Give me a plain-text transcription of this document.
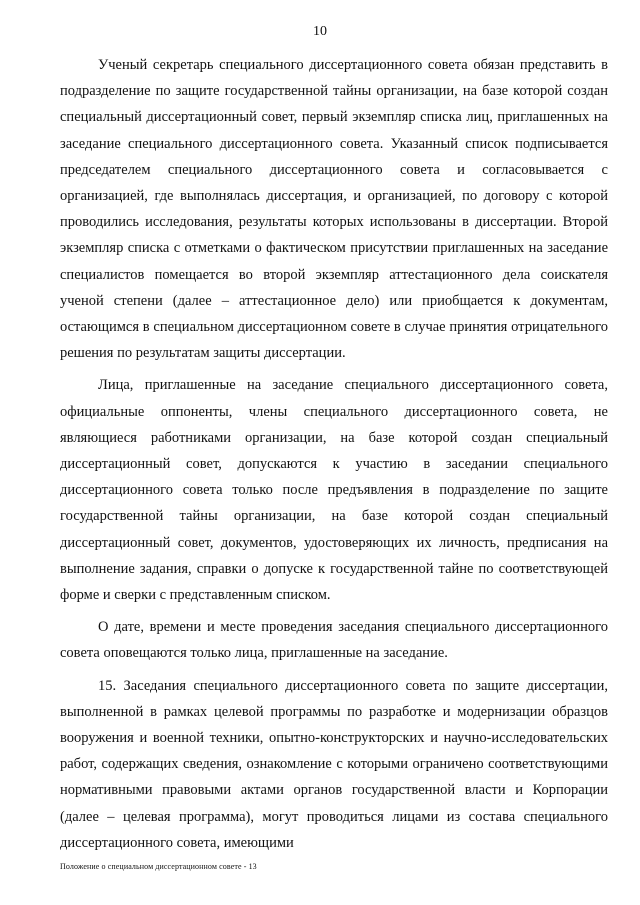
10

Ученый секретарь специального диссертационного совета обязан представить в подразделение по защите государственной тайны организации, на базе которой создан специальный диссертационный совет, первый экземпляр списка лиц, приглашенных на заседание специального диссертационного совета. Указанный список подписывается председателем специального диссертационного совета и согласовывается с организацией, где выполнялась диссертация, и организацией, по договору с которой проводились исследования, результаты которых использованы в диссертации. Второй экземпляр списка с отметками о фактическом присутствии приглашенных на заседание специалистов помещается во второй экземпляр аттестационного дела соискателя ученой степени (далее – аттестационное дело) или приобщается к документам, остающимся в специальном диссертационном совете в случае принятия отрицательного решения по результатам защиты диссертации.

Лица, приглашенные на заседание специального диссертационного совета, официальные оппоненты, члены специального диссертационного совета, не являющиеся работниками организации, на базе которой создан специальный диссертационный совет, допускаются к участию в заседании специального диссертационного совета только после предъявления в подразделение по защите государственной тайны организации, на базе которой создан специальный диссертационный совет, документов, удостоверяющих их личность, предписания на выполнение задания, справки о допуске к государственной тайне по соответствующей форме и сверки с представленным списком.

О дате, времени и месте проведения заседания специального диссертационного совета оповещаются только лица, приглашенные на заседание.

15. Заседания специального диссертационного совета по защите диссертации, выполненной в рамках целевой программы по разработке и модернизации образцов вооружения и военной техники, опытно-конструкторских и научно-исследовательских работ, содержащих сведения, ознакомление с которыми ограничено соответствующими нормативными правовыми актами органов государственной власти и Корпорации (далее – целевая программа), могут проводиться лицами из состава специального диссертационного совета, имеющими

Положение о специальном диссертационном совете - 13
